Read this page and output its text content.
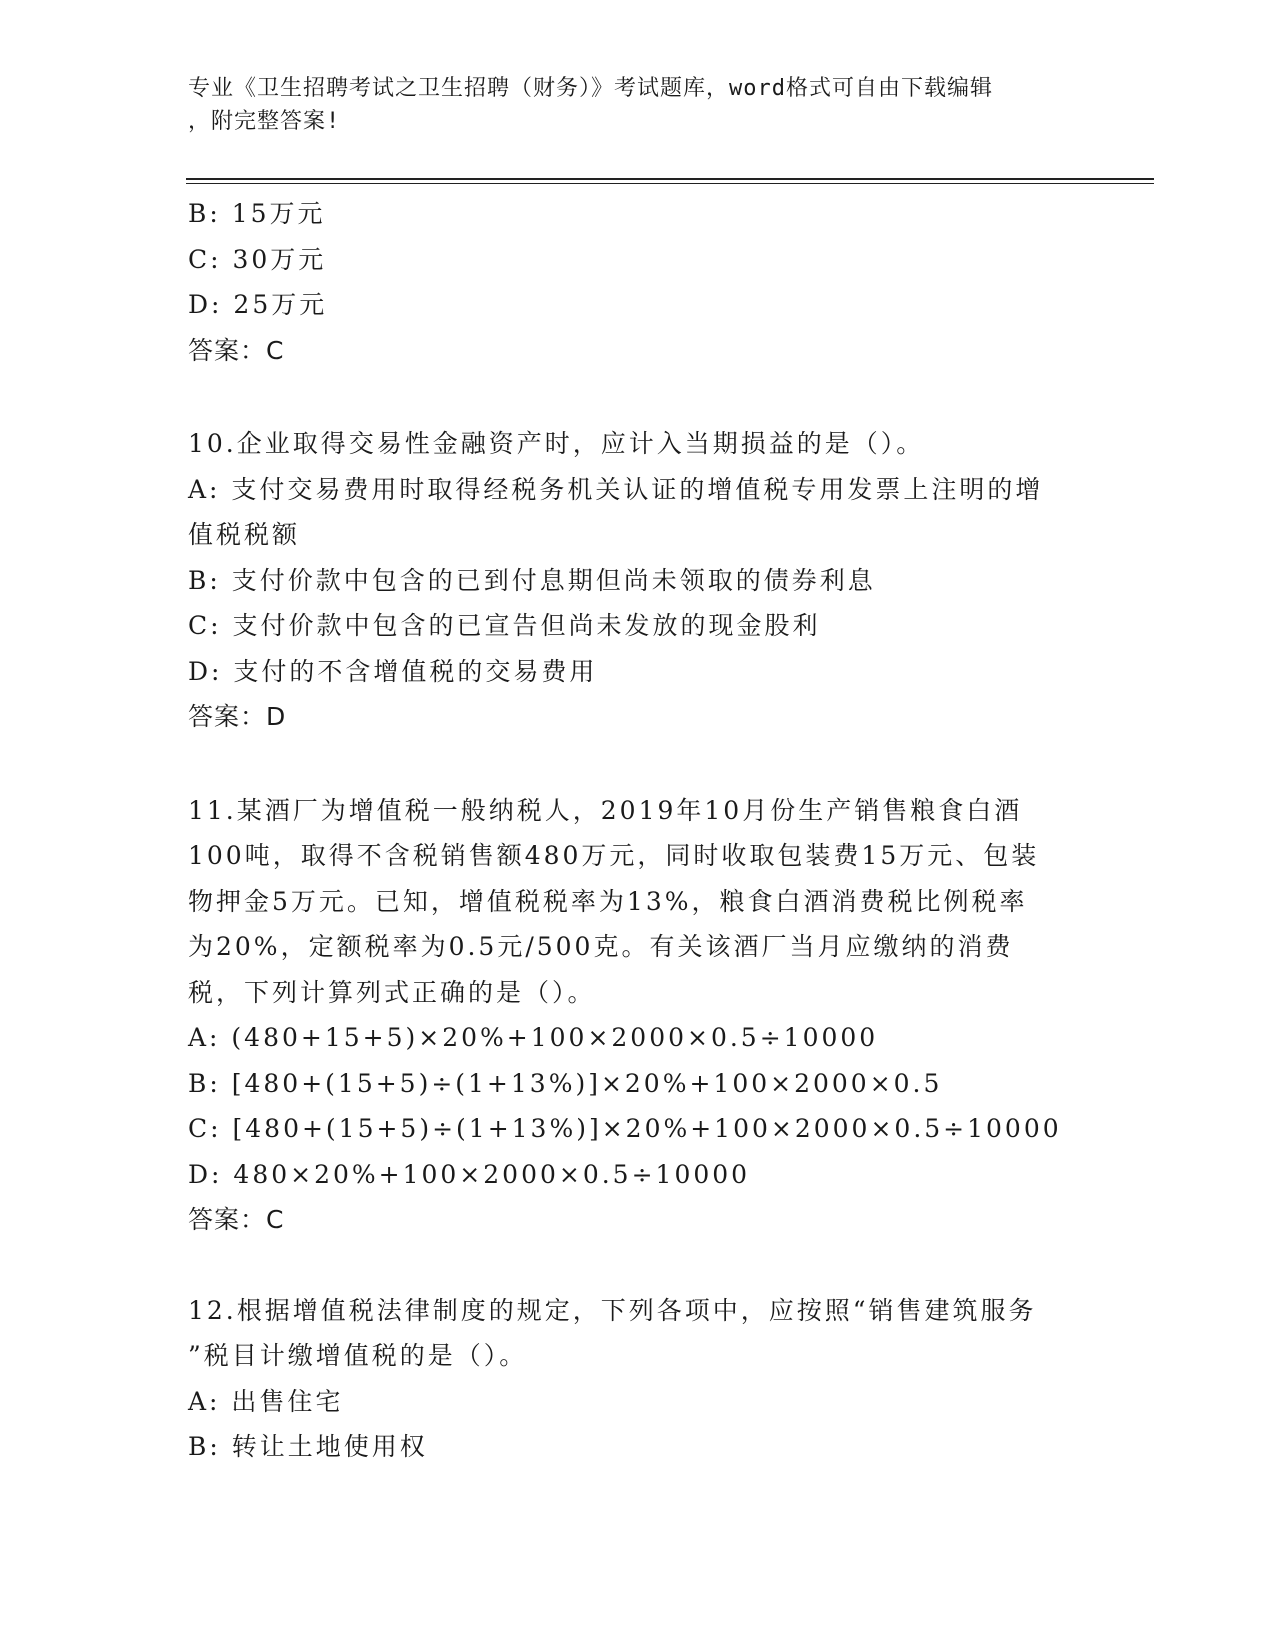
专业《卫生招聘考试之卫生招聘（财务）》考试题库，word格式可自由下载编辑
，附完整答案!
B: 15万元
C: 30万元
D: 25万元
答案：C
10.企业取得交易性金融资产时，应计入当期损益的是（）。
A: 支付交易费用时取得经税务机关认证的增值税专用发票上注明的增
值税税额
B: 支付价款中包含的已到付息期但尚未领取的债券利息
C: 支付价款中包含的已宣告但尚未发放的现金股利
D: 支付的不含增值税的交易费用
答案：D
11.某酒厂为增值税一般纳税人，2019年10月份生产销售粮食白酒
100吨，取得不含税销售额480万元，同时收取包装费15万元、包装
物押金5万元。已知，增值税税率为13%，粮食白酒消费税比例税率
为20%，定额税率为0.5元/500克。有关该酒厂当月应缴纳的消费
税，下列计算列式正确的是（）。
A: (480+15+5)×20%+100×2000×0.5÷10000
B: [480+(15+5)÷(1+13%)]×20%+100×2000×0.5
C: [480+(15+5)÷(1+13%)]×20%+100×2000×0.5÷10000
D: 480×20%+100×2000×0.5÷10000
答案：C
12.根据增值税法律制度的规定，下列各项中，应按照“销售建筑服务
”税目计缴增值税的是（）。
A: 出售住宅
B: 转让土地使用权
